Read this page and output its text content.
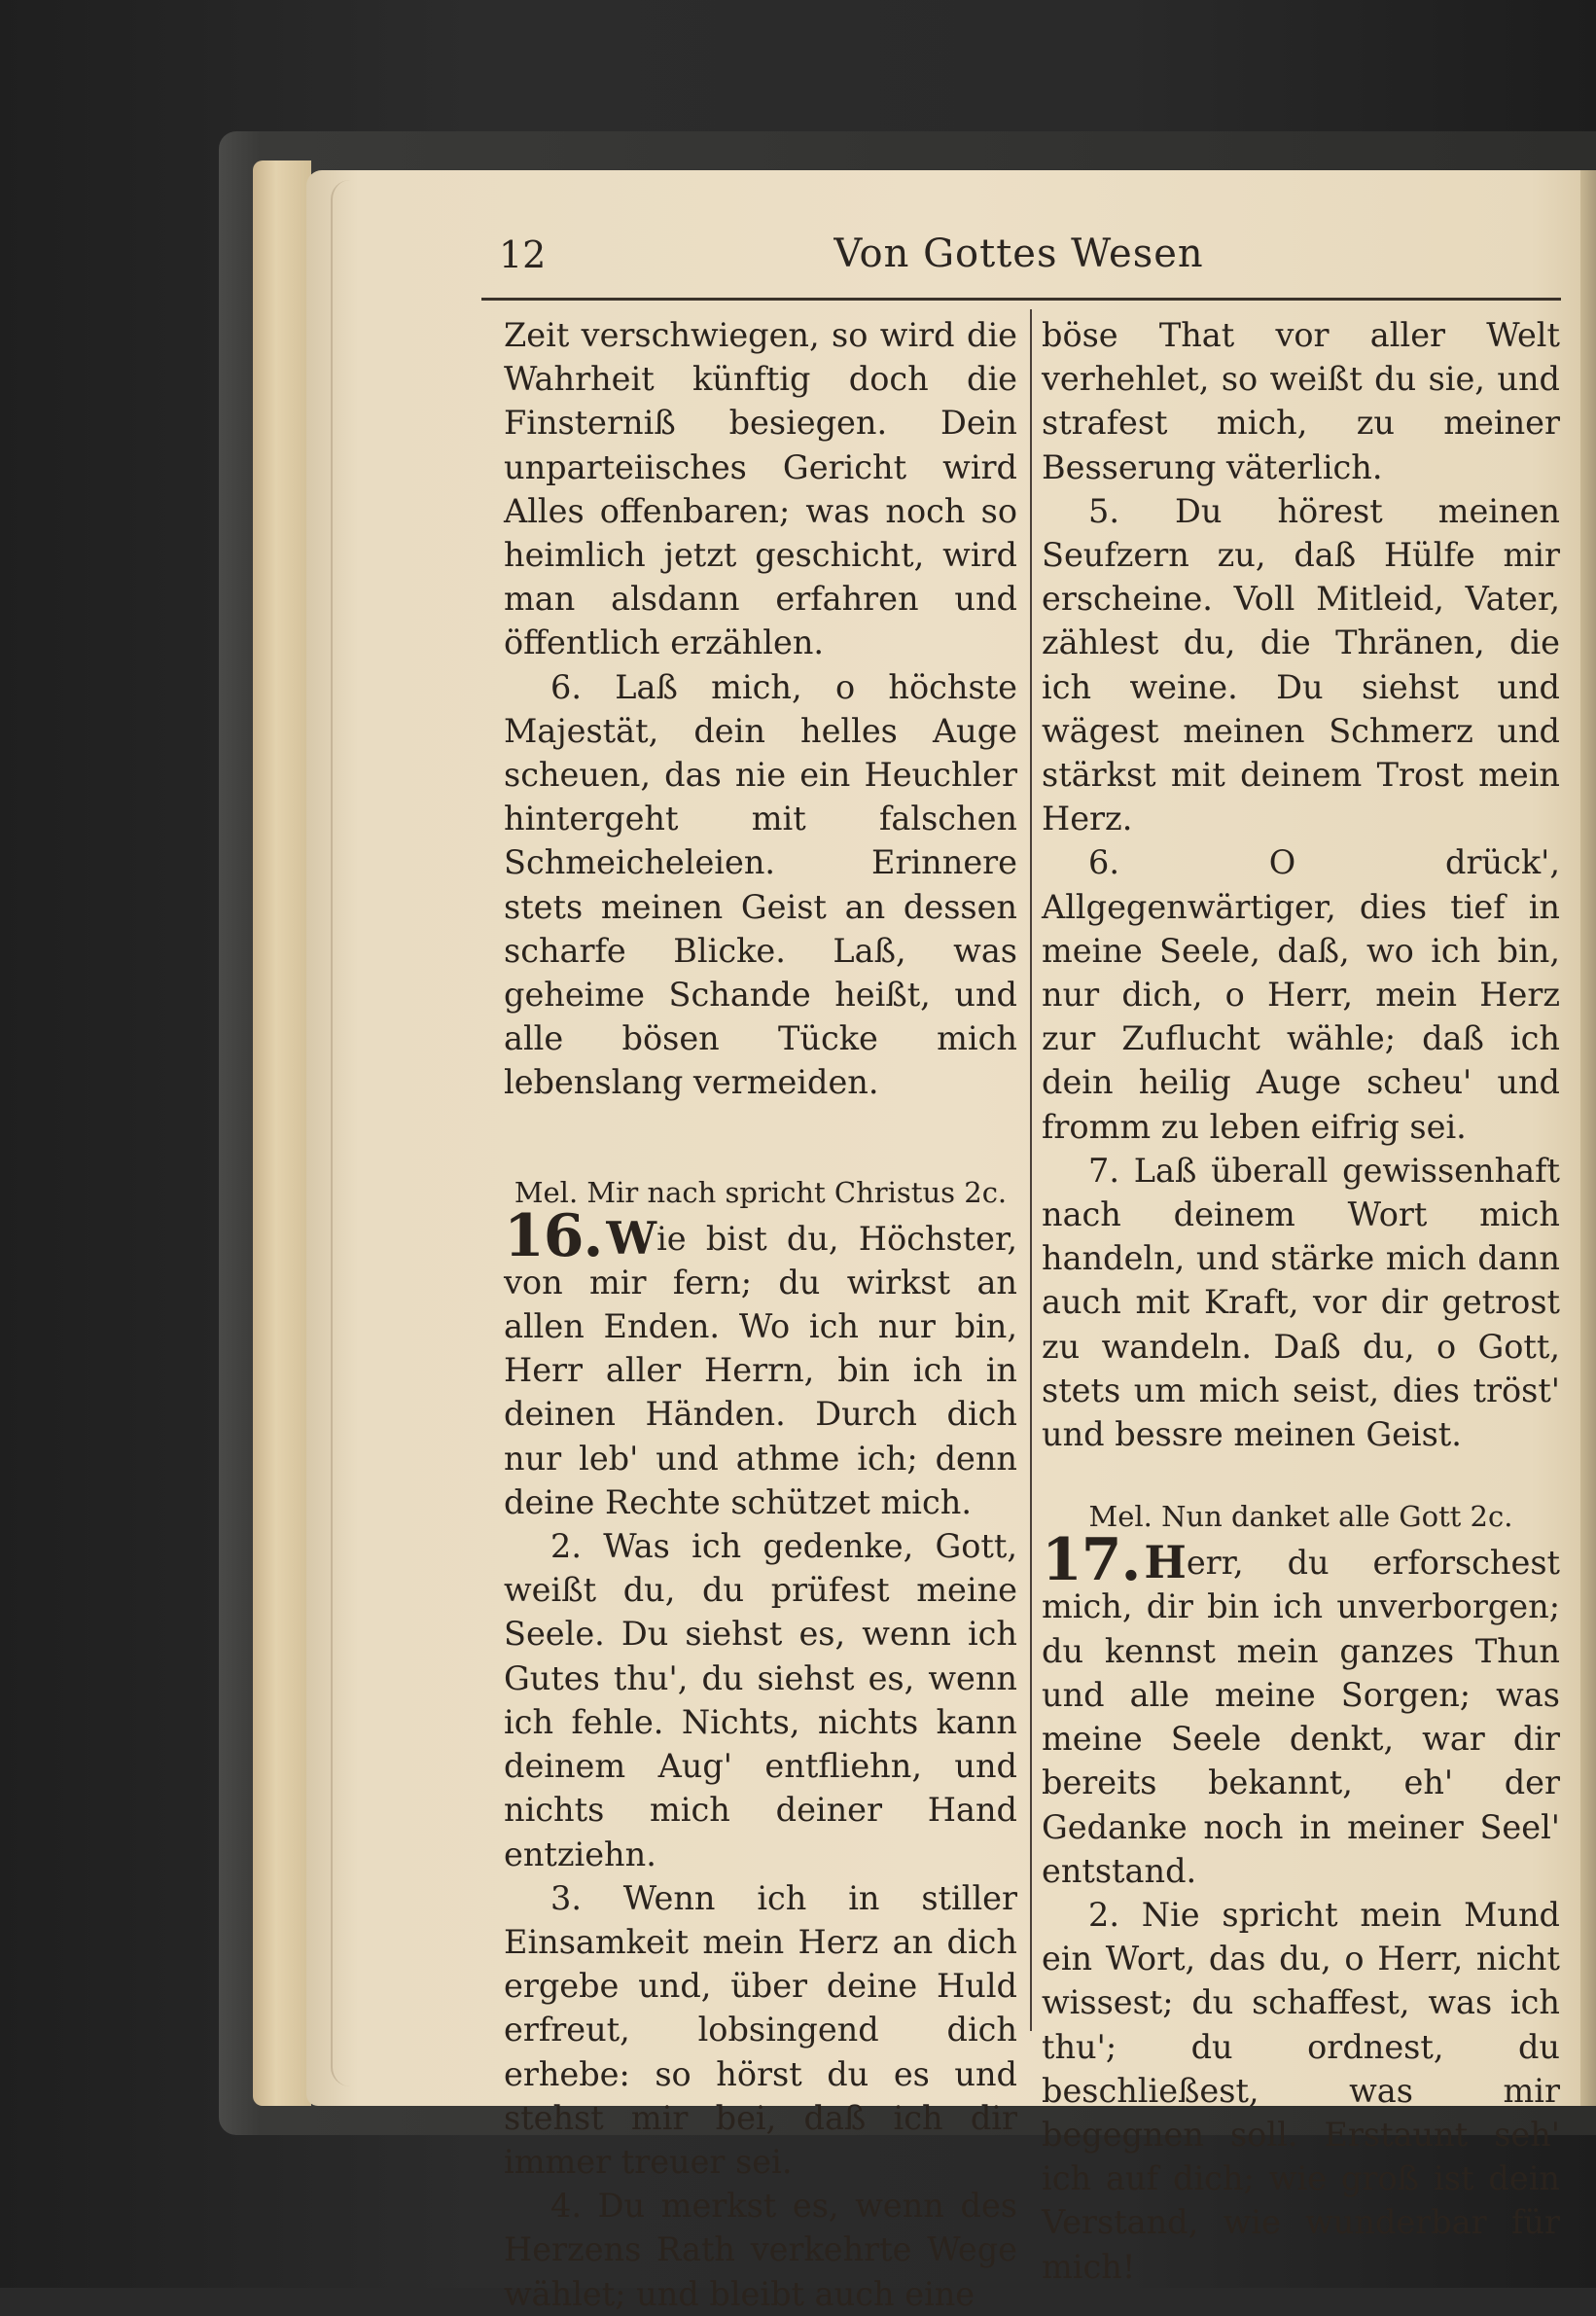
12	Von Gottes Wesen

Zeit verschwiegen, so wird die Wahrheit künftig doch die Finsterniß besiegen. Dein unparteiisches Gericht wird Alles offenbaren; was noch so heimlich jetzt geschicht, wird man alsdann erfahren und öffentlich erzählen.

6. Laß mich, o höchste Majestät, dein helles Auge scheuen, das nie ein Heuchler hintergeht mit falschen Schmeicheleien. Erinnere stets meinen Geist an dessen scharfe Blicke. Laß, was geheime Schande heißt, und alle bösen Tücke mich lebenslang vermeiden.

Mel. Mir nach spricht Christus 2c.

16.Wie bist du, Höchster, von mir fern; du wirkst an allen Enden. Wo ich nur bin, Herr aller Herrn, bin ich in deinen Händen. Durch dich nur leb' und athme ich; denn deine Rechte schützet mich.

2. Was ich gedenke, Gott, weißt du, du prüfest meine Seele. Du siehst es, wenn ich Gutes thu', du siehst es, wenn ich fehle. Nichts, nichts kann deinem Aug' entfliehn, und nichts mich deiner Hand entziehn.

3. Wenn ich in stiller Einsamkeit mein Herz an dich ergebe und, über deine Huld erfreut, lobsingend dich erhebe: so hörst du es und stehst mir bei, daß ich dir immer treuer sei.

4. Du merkst es, wenn des Herzens Rath verkehrte Wege wählet; und bleibt auch eine

böse That vor aller Welt verhehlet, so weißt du sie, und strafest mich, zu meiner Besserung väterlich.

5. Du hörest meinen Seufzern zu, daß Hülfe mir erscheine. Voll Mitleid, Vater, zählest du, die Thränen, die ich weine. Du siehst und wägest meinen Schmerz und stärkst mit deinem Trost mein Herz.

6. O drück', Allgegenwärtiger, dies tief in meine Seele, daß, wo ich bin, nur dich, o Herr, mein Herz zur Zuflucht wähle; daß ich dein heilig Auge scheu' und fromm zu leben eifrig sei.

7. Laß überall gewissenhaft nach deinem Wort mich handeln, und stärke mich dann auch mit Kraft, vor dir getrost zu wandeln. Daß du, o Gott, stets um mich seist, dies tröst' und bessre meinen Geist.

Mel. Nun danket alle Gott 2c.

17.Herr, du erforschest mich, dir bin ich unverborgen; du kennst mein ganzes Thun und alle meine Sorgen; was meine Seele denkt, war dir bereits bekannt, eh' der Gedanke noch in meiner Seel' entstand.

2. Nie spricht mein Mund ein Wort, das du, o Herr, nicht wissest; du schaffest, was ich thu'; du ordnest, du beschließest, was mir begegnen soll. Erstaunt seh' ich auf dich; wie groß ist dein Verstand, wie wunderbar für mich!
